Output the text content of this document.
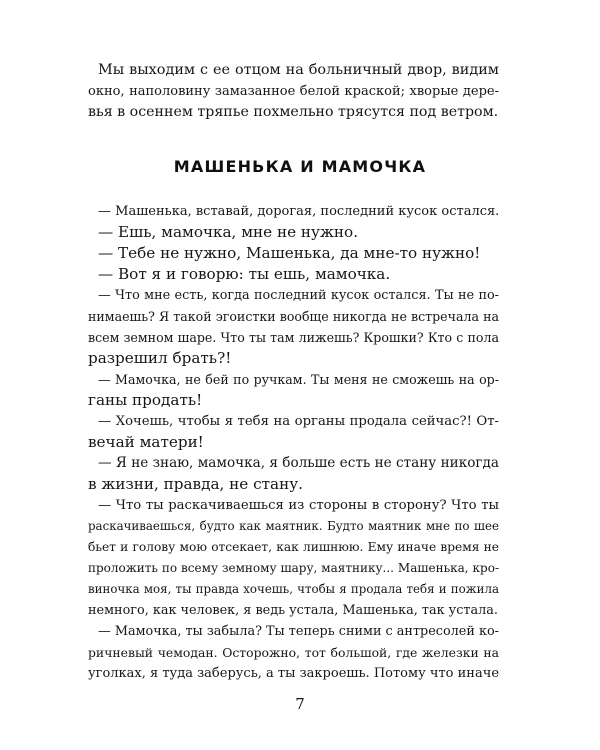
Мы выходим с ее отцом на больничный двор, видим
окно, наполовину замазанное белой краской; хворые дере-
вья в осеннем тряпье похмельно трясутся под ветром.
МАШЕНЬКА И МАМОЧКА
— Машенька, вставай, дорогая, последний кусок остался.
— Ешь, мамочка, мне не нужно.
— Тебе не нужно, Машенька, да мне-то нужно!
— Вот я и говорю: ты ешь, мамочка.
— Что мне есть, когда последний кусок остался. Ты не по-
нимаешь? Я такой эгоистки вообще никогда не встречала на
всем земном шаре. Что ты там лижешь? Крошки? Кто с пола
разрешил брать?!
— Мамочка, не бей по ручкам. Ты меня не сможешь на ор-
ганы продать!
— Хочешь, чтобы я тебя на органы продала сейчас?! От-
вечай матери!
— Я не знаю, мамочка, я больше есть не стану никогда
в жизни, правда, не стану.
— Что ты раскачиваешься из стороны в сторону? Что ты
раскачиваешься, будто как маятник. Будто маятник мне по шее
бьет и голову мою отсекает, как лишнюю. Ему иначе время не
проложить по всему земному шару, маятнику... Машенька, кро-
виночка моя, ты правда хочешь, чтобы я продала тебя и пожила
немного, как человек, я ведь устала, Машенька, так устала.
— Мамочка, ты забыла? Ты теперь сними с антресолей ко-
ричневый чемодан. Осторожно, тот большой, где железки на
уголках, я туда заберусь, а ты закроешь. Потому что иначе
7
